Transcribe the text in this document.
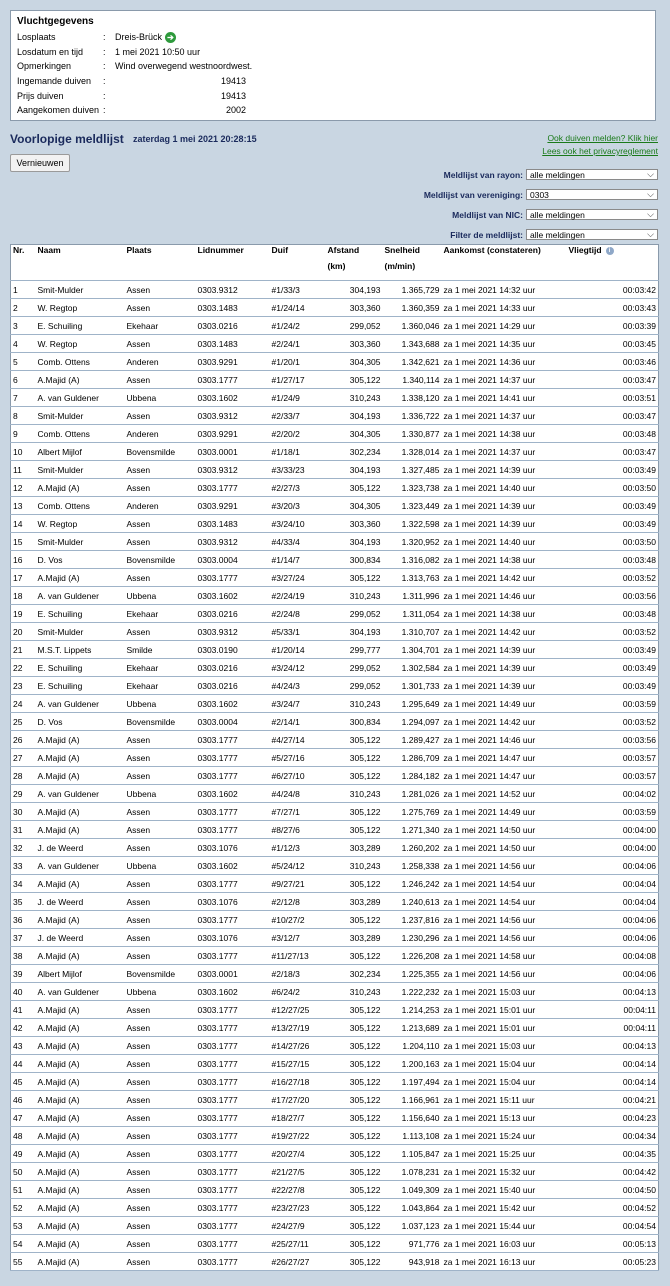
Vluchtgegevens
Losplaats	:	Dreis-Brück ➔
Losdatum en tijd	:	1 mei 2021 10:50 uur
Opmerkingen	:	Wind overwegend westnoordwest.
Ingemande duiven	:	19413
Prijs duiven	:	19413
Aangekomen duiven :	2002
Voorlopige meldlijst zaterdag 1 mei 2021 20:28:15	Ook duiven melden? Klik hier
Lees ook het privacyreglement
Vernieuwen
Meldlijst van rayon: alle meldingen	⌵
Meldlijst van vereniging: 0303	⌵
Meldlijst van NIC: alle meldingen	⌵
Filter de meldlijst: alle meldingen	⌵
Nr.	Naam	Plaats	Lidnummer	Duif	Afstand
(km)	Snelheid
(m/min)	Aankomst (constateren)	Vliegtijd i
1	Smit-Mulder	Assen	0303.9312	#1/33/3	304,193	1.365,729	za 1 mei 2021 14:32 uur	00:03:42
2	W. Regtop	Assen	0303.1483	#1/24/14	303,360	1.360,359	za 1 mei 2021 14:33 uur	00:03:43
3	E. Schuiling	Ekehaar	0303.0216	#1/24/2	299,052	1.360,046	za 1 mei 2021 14:29 uur	00:03:39
4	W. Regtop	Assen	0303.1483	#2/24/1	303,360	1.343,688	za 1 mei 2021 14:35 uur	00:03:45
5	Comb. Ottens	Anderen	0303.9291	#1/20/1	304,305	1.342,621	za 1 mei 2021 14:36 uur	00:03:46
6	A.Majid (A)	Assen	0303.1777	#1/27/17	305,122	1.340,114	za 1 mei 2021 14:37 uur	00:03:47
7	A. van Guldener	Ubbena	0303.1602	#1/24/9	310,243	1.338,120	za 1 mei 2021 14:41 uur	00:03:51
8	Smit-Mulder	Assen	0303.9312	#2/33/7	304,193	1.336,722	za 1 mei 2021 14:37 uur	00:03:47
9	Comb. Ottens	Anderen	0303.9291	#2/20/2	304,305	1.330,877	za 1 mei 2021 14:38 uur	00:03:48
10	Albert Mijlof	Bovensmilde	0303.0001	#1/18/1	302,234	1.328,014	za 1 mei 2021 14:37 uur	00:03:47
11	Smit-Mulder	Assen	0303.9312	#3/33/23	304,193	1.327,485	za 1 mei 2021 14:39 uur	00:03:49
12	A.Majid (A)	Assen	0303.1777	#2/27/3	305,122	1.323,738	za 1 mei 2021 14:40 uur	00:03:50
13	Comb. Ottens	Anderen	0303.9291	#3/20/3	304,305	1.323,449	za 1 mei 2021 14:39 uur	00:03:49
14	W. Regtop	Assen	0303.1483	#3/24/10	303,360	1.322,598	za 1 mei 2021 14:39 uur	00:03:49
15	Smit-Mulder	Assen	0303.9312	#4/33/4	304,193	1.320,952	za 1 mei 2021 14:40 uur	00:03:50
16	D. Vos	Bovensmilde	0303.0004	#1/14/7	300,834	1.316,082	za 1 mei 2021 14:38 uur	00:03:48
17	A.Majid (A)	Assen	0303.1777	#3/27/24	305,122	1.313,763	za 1 mei 2021 14:42 uur	00:03:52
18	A. van Guldener	Ubbena	0303.1602	#2/24/19	310,243	1.311,996	za 1 mei 2021 14:46 uur	00:03:56
19	E. Schuiling	Ekehaar	0303.0216	#2/24/8	299,052	1.311,054	za 1 mei 2021 14:38 uur	00:03:48
20	Smit-Mulder	Assen	0303.9312	#5/33/1	304,193	1.310,707	za 1 mei 2021 14:42 uur	00:03:52
21	M.S.T. Lippets	Smilde	0303.0190	#1/20/14	299,777	1.304,701	za 1 mei 2021 14:39 uur	00:03:49
22	E. Schuiling	Ekehaar	0303.0216	#3/24/12	299,052	1.302,584	za 1 mei 2021 14:39 uur	00:03:49
23	E. Schuiling	Ekehaar	0303.0216	#4/24/3	299,052	1.301,733	za 1 mei 2021 14:39 uur	00:03:49
24	A. van Guldener	Ubbena	0303.1602	#3/24/7	310,243	1.295,649	za 1 mei 2021 14:49 uur	00:03:59
25	D. Vos	Bovensmilde	0303.0004	#2/14/1	300,834	1.294,097	za 1 mei 2021 14:42 uur	00:03:52
26	A.Majid (A)	Assen	0303.1777	#4/27/14	305,122	1.289,427	za 1 mei 2021 14:46 uur	00:03:56
27	A.Majid (A)	Assen	0303.1777	#5/27/16	305,122	1.286,709	za 1 mei 2021 14:47 uur	00:03:57
28	A.Majid (A)	Assen	0303.1777	#6/27/10	305,122	1.284,182	za 1 mei 2021 14:47 uur	00:03:57
29	A. van Guldener	Ubbena	0303.1602	#4/24/8	310,243	1.281,026	za 1 mei 2021 14:52 uur	00:04:02
30	A.Majid (A)	Assen	0303.1777	#7/27/1	305,122	1.275,769	za 1 mei 2021 14:49 uur	00:03:59
31	A.Majid (A)	Assen	0303.1777	#8/27/6	305,122	1.271,340	za 1 mei 2021 14:50 uur	00:04:00
32	J. de Weerd	Assen	0303.1076	#1/12/3	303,289	1.260,202	za 1 mei 2021 14:50 uur	00:04:00
33	A. van Guldener	Ubbena	0303.1602	#5/24/12	310,243	1.258,338	za 1 mei 2021 14:56 uur	00:04:06
34	A.Majid (A)	Assen	0303.1777	#9/27/21	305,122	1.246,242	za 1 mei 2021 14:54 uur	00:04:04
35	J. de Weerd	Assen	0303.1076	#2/12/8	303,289	1.240,613	za 1 mei 2021 14:54 uur	00:04:04
36	A.Majid (A)	Assen	0303.1777	#10/27/2	305,122	1.237,816	za 1 mei 2021 14:56 uur	00:04:06
37	J. de Weerd	Assen	0303.1076	#3/12/7	303,289	1.230,296	za 1 mei 2021 14:56 uur	00:04:06
38	A.Majid (A)	Assen	0303.1777	#11/27/13	305,122	1.226,208	za 1 mei 2021 14:58 uur	00:04:08
39	Albert Mijlof	Bovensmilde	0303.0001	#2/18/3	302,234	1.225,355	za 1 mei 2021 14:56 uur	00:04:06
40	A. van Guldener	Ubbena	0303.1602	#6/24/2	310,243	1.222,232	za 1 mei 2021 15:03 uur	00:04:13
41	A.Majid (A)	Assen	0303.1777	#12/27/25	305,122	1.214,253	za 1 mei 2021 15:01 uur	00:04:11
42	A.Majid (A)	Assen	0303.1777	#13/27/19	305,122	1.213,689	za 1 mei 2021 15:01 uur	00:04:11
43	A.Majid (A)	Assen	0303.1777	#14/27/26	305,122	1.204,110	za 1 mei 2021 15:03 uur	00:04:13
44	A.Majid (A)	Assen	0303.1777	#15/27/15	305,122	1.200,163	za 1 mei 2021 15:04 uur	00:04:14
45	A.Majid (A)	Assen	0303.1777	#16/27/18	305,122	1.197,494	za 1 mei 2021 15:04 uur	00:04:14
46	A.Majid (A)	Assen	0303.1777	#17/27/20	305,122	1.166,961	za 1 mei 2021 15:11 uur	00:04:21
47	A.Majid (A)	Assen	0303.1777	#18/27/7	305,122	1.156,640	za 1 mei 2021 15:13 uur	00:04:23
48	A.Majid (A)	Assen	0303.1777	#19/27/22	305,122	1.113,108	za 1 mei 2021 15:24 uur	00:04:34
49	A.Majid (A)	Assen	0303.1777	#20/27/4	305,122	1.105,847	za 1 mei 2021 15:25 uur	00:04:35
50	A.Majid (A)	Assen	0303.1777	#21/27/5	305,122	1.078,231	za 1 mei 2021 15:32 uur	00:04:42
51	A.Majid (A)	Assen	0303.1777	#22/27/8	305,122	1.049,309	za 1 mei 2021 15:40 uur	00:04:50
52	A.Majid (A)	Assen	0303.1777	#23/27/23	305,122	1.043,864	za 1 mei 2021 15:42 uur	00:04:52
53	A.Majid (A)	Assen	0303.1777	#24/27/9	305,122	1.037,123	za 1 mei 2021 15:44 uur	00:04:54
54	A.Majid (A)	Assen	0303.1777	#25/27/11	305,122	971,776	za 1 mei 2021 16:03 uur	00:05:13
55	A.Majid (A)	Assen	0303.1777	#26/27/27	305,122	943,918	za 1 mei 2021 16:13 uur	00:05:23
